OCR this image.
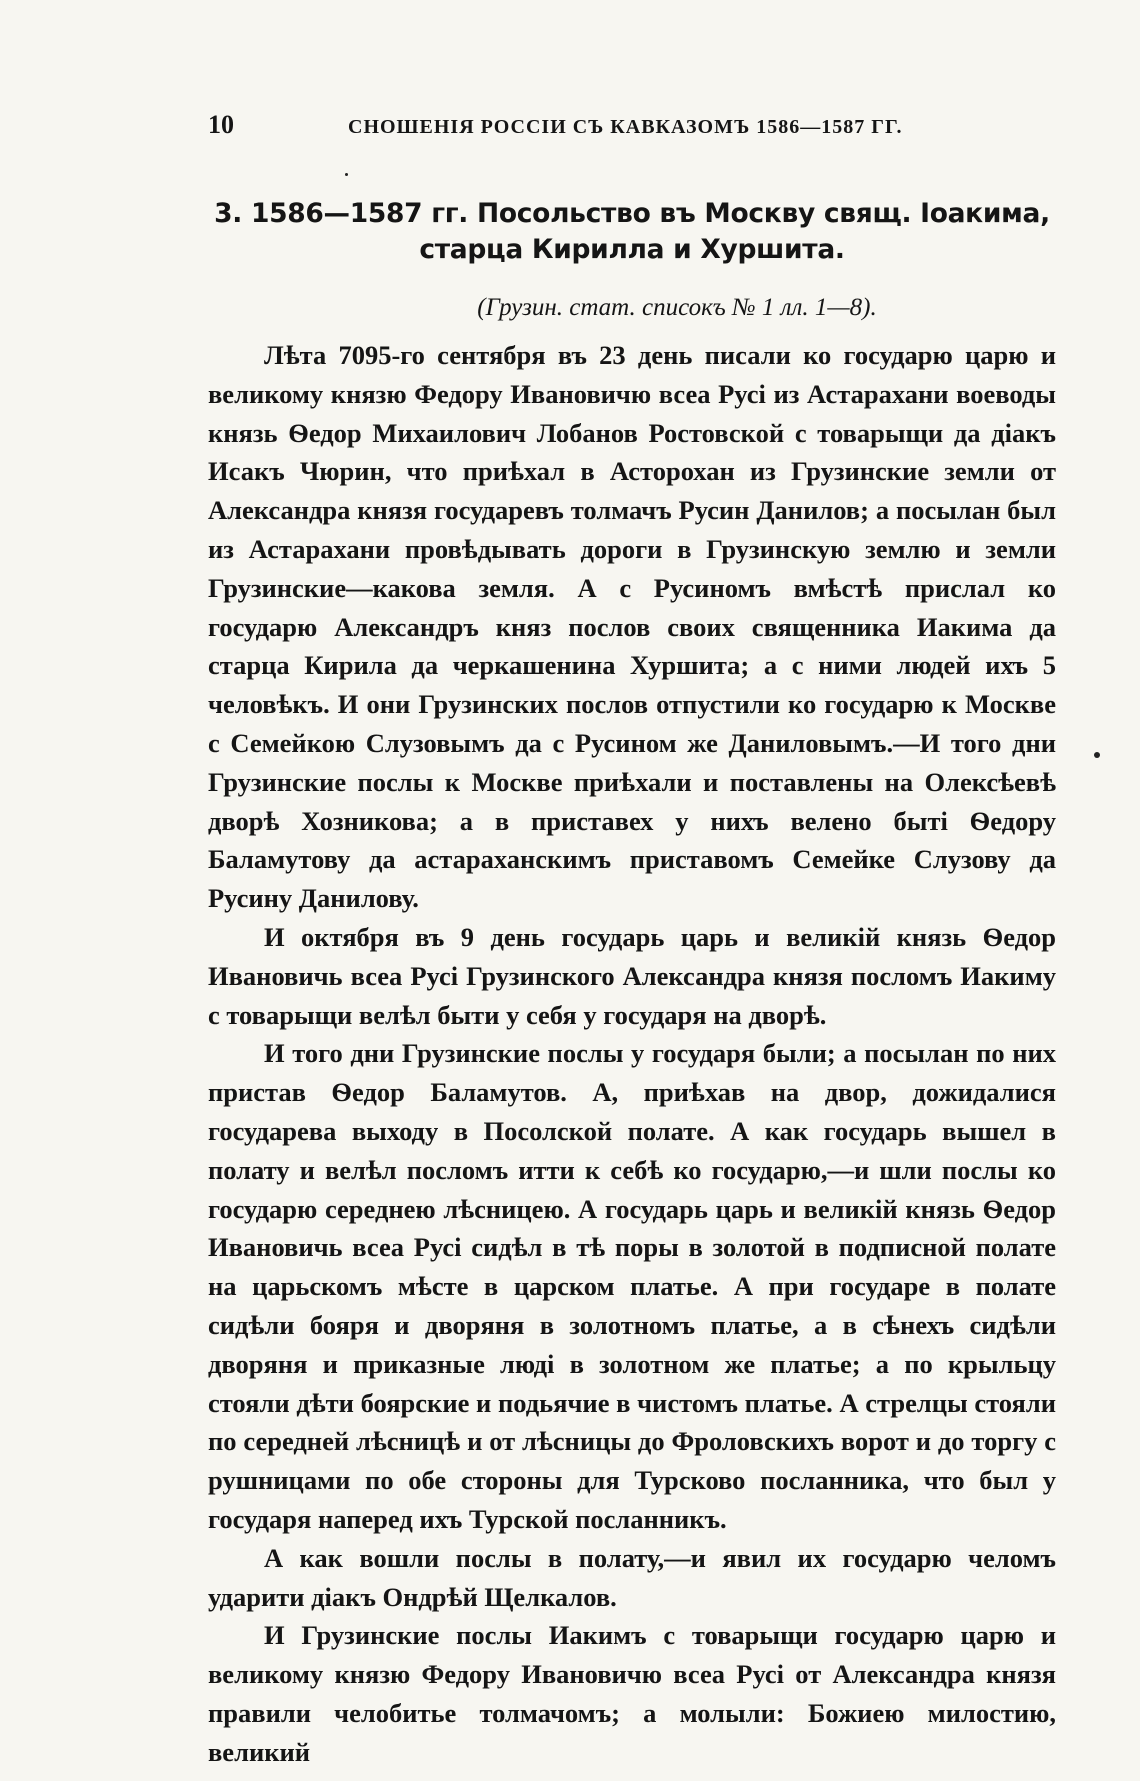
10	СНОШЕНІЯ РОССІИ СЪ КАВКАЗОМЪ 1586—1587 ГГ.
3. 1586—1587 гг. Посольство въ Москву свящ. Іоакима, старца Кирилла и Хуршита.
(Грузин. стат. списокъ № 1 лл. 1—8).

Лѣта 7095-го сентября въ 23 день писали ко государю царю и великому князю Федору Ивановичю всеа Русі из Астарахани воеводы князь Ѳедор Михаилович Лобанов Ростовской с товарыщи да діакъ Исакъ Чюрин, что приѣхал в Асторохан из Грузинские земли от Александра князя государевъ толмачъ Русин Данилов; а посылан был из Астарахани провѣдывать дороги в Грузинскую землю и земли Грузинские—какова земля. А с Русиномъ вмѣстѣ прислал ко государю Александръ княз послов своих священника Иакима да старца Кирила да черкашенина Хуршита; а с ними людей ихъ 5 человѣкъ. И они Грузинских послов отпустили ко государю к Москве с Семейкою Слузовымъ да с Русином же Даниловымъ.—И того дни Грузинские послы к Москве приѣхали и поставлены на Олексѣевѣ дворѣ Хозникова; а в приставех у нихъ велено быті Ѳедору Баламутову да астараханскимъ приставомъ Семейке Слузову да Русину Данилову.

И октября въ 9 день государь царь и великій князь Ѳедор Ивановичь всеа Русі Грузинского Александра князя посломъ Иакиму с товарыщи велѣл быти у себя у государя на дворѣ.

И того дни Грузинские послы у государя были; а посылан по них пристав Ѳедор Баламутов. А, приѣхав на двор, дожидалися государева выходу в Посолской полате. А как государь вышел в полату и велѣл посломъ итти к себѣ ко государю,—и шли послы ко государю середнею лѣсницею. А государь царь и великій князь Ѳедор Ивановичь всеа Русі сидѣл в тѣ поры в золотой в подписной полате на царьскомъ мѣсте в царском платье. А при государе в полате сидѣли бояря и дворяня в золотномъ платье, а в сѣнехъ сидѣли дворяня и приказные люді в золотном же платье; а по крыльцу стояли дѣти боярские и подьячие в чистомъ платье. А стрелцы стояли по середней лѣсницѣ и от лѣсницы до Фроловскихъ ворот и до торгу с рушницами по обе стороны для Турсково посланника, что был у государя наперед ихъ Турской посланникъ.

А как вошли послы в полату,—и явил их государю челомъ ударити діакъ Ондрѣй Щелкалов.

И Грузинские послы Иакимъ с товарыщи государю царю и великому князю Федору Ивановичю всеа Русі от Александра князя правили челобитье толмачомъ; а молыли: Божиею милостию, великий
